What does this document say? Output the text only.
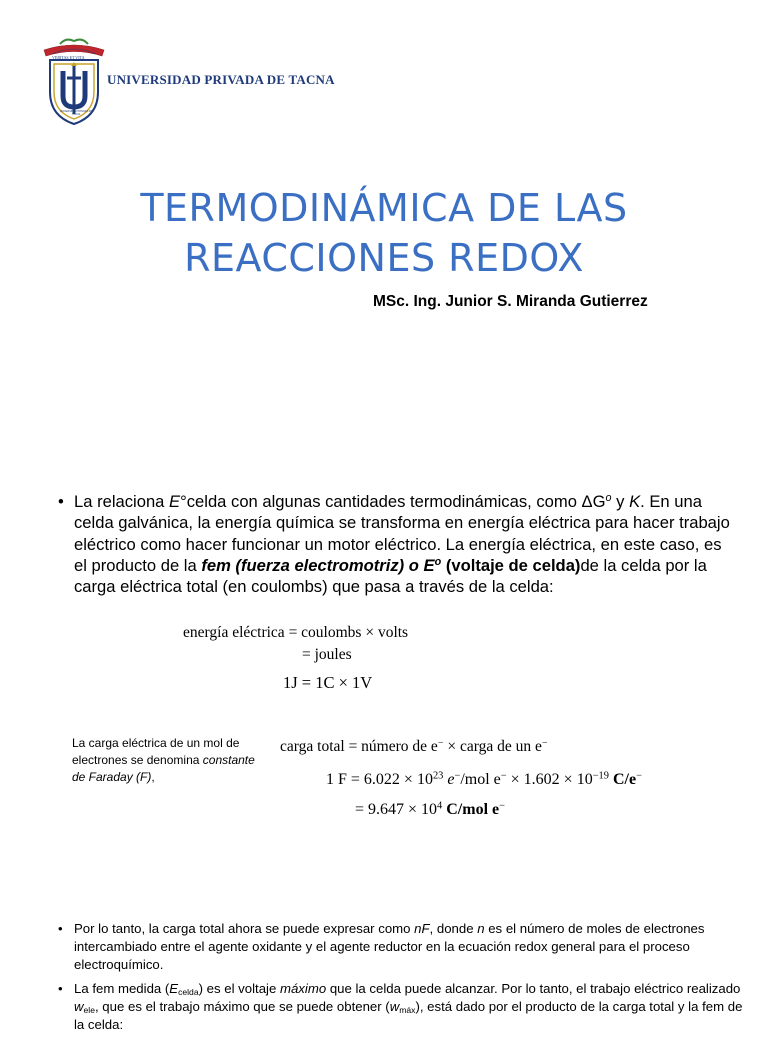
VERITAS ET VITA
UNIVERSIDAD PRIVADA DE TACNA
UNIVERSIDAD PRIVADA DE TACNA
TERMODINÁMICA DE LAS
REACCIONES REDOX
MSc. Ing. Junior S. Miranda Gutierrez
• La relaciona E°celda con algunas cantidades termodinámicas, como $\Delta G^o$ y K. En una celda galvánica, la energía química se transforma en energía eléctrica para hacer trabajo eléctrico como hacer funcionar un motor eléctrico. La energía eléctrica, en este caso, es el producto de la fem (fuerza electromotriz) o $E^o$ (voltaje de celda)de la celda por la carga eléctrica total (en coulombs) que pasa a través de la celda:
energía eléctrica = coulombs × volts
= joules
1J = 1C × 1V
La carga eléctrica de un mol de electrones se denomina constante de Faraday (F),
carga total = número de e− × carga de un e−
1 $F = 6.022 \times 10^{23}$ e−/mol $e^- \times 1.602 \times 10^{-19}$ C/e−
= $9.647 \times 10^4$ C/mol e−
• Por lo tanto, la carga total ahora se puede expresar como nF, donde n es el número de moles de electrones intercambiado entre el agente oxidante y el agente reductor en la ecuación redox general para el proceso electroquímico.
• La fem medida $(E_{celda})$ es el voltaje máximo que la celda puede alcanzar. Por lo tanto, el trabajo eléctrico realizado $w_{ele}$, que es el trabajo máximo que se puede obtener $(w_{máx})$, está dado por el producto de la carga total y la fem de la celda:
